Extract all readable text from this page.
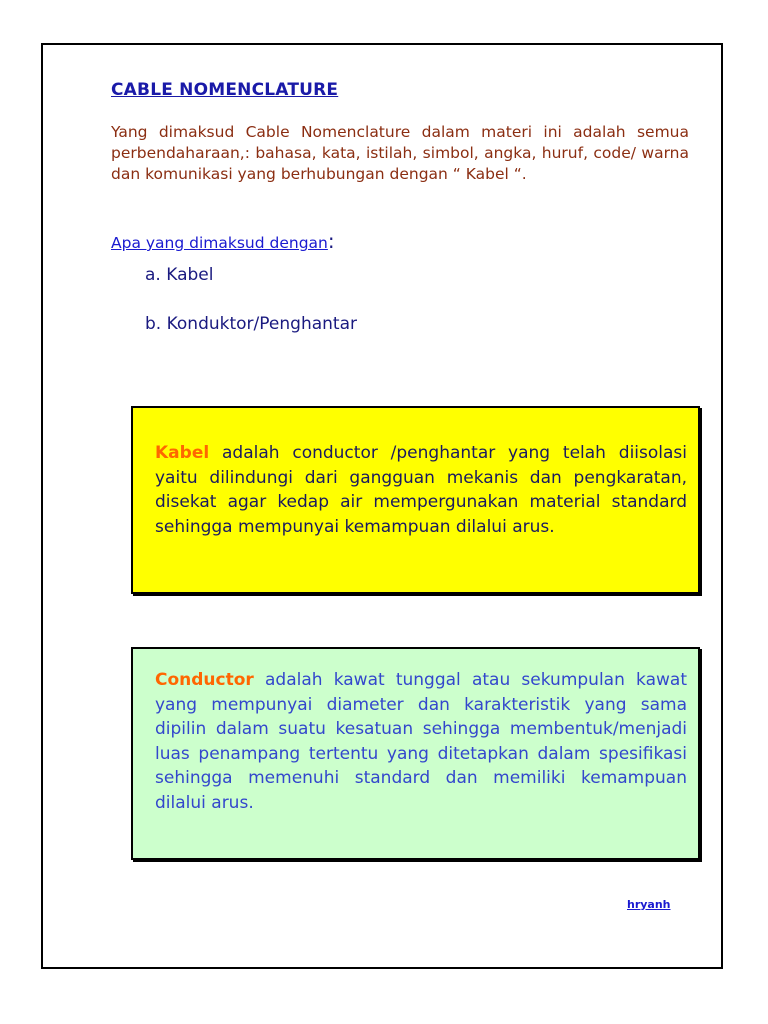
CABLE NOMENCLATURE
Yang dimaksud Cable Nomenclature dalam materi ini adalah semua perbendaharaan,: bahasa, kata, istilah, simbol, angka, huruf, code/ warna dan komunikasi yang berhubungan dengan “ Kabel “.
Apa yang dimaksud dengan:
a. Kabel
b. Konduktor/Penghantar
Kabel adalah conductor /penghantar yang telah diisolasi yaitu dilindungi dari gangguan mekanis dan pengkaratan, disekat agar kedap air mempergunakan material standard sehingga mempunyai kemampuan dilalui arus.
Conductor adalah kawat tunggal atau sekumpulan kawat yang mempunyai diameter dan karakteristik yang sama dipilin dalam suatu kesatuan sehingga membentuk/menjadi luas penampang tertentu yang ditetapkan dalam spesifikasi sehingga memenuhi standard dan memiliki kemampuan dilalui arus.
hryanh
